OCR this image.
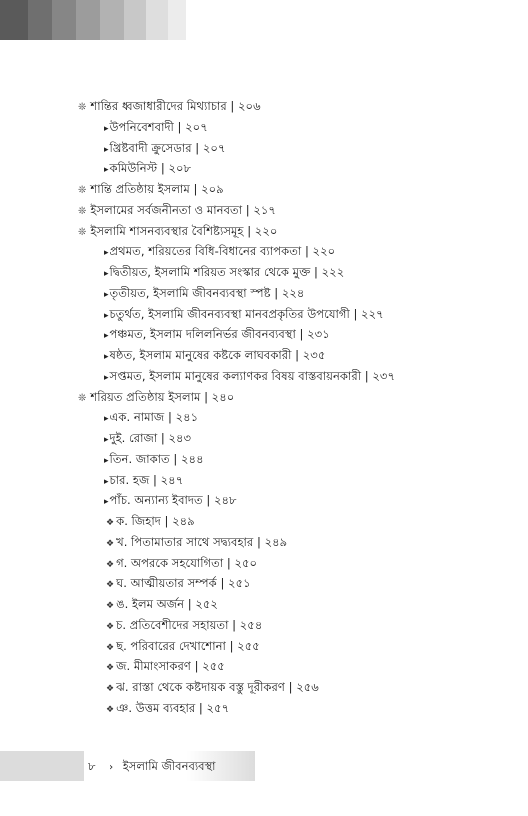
❊ শান্তির ধ্বজাধারীদের মিথ্যাচার | ২০৬
▸উপনিবেশবাদী | ২০৭
▸খ্রিষ্টবাদী ক্রুসেডার | ২০৭
▸কমিউনিস্ট | ২০৮
❊ শান্তি প্রতিষ্ঠায় ইসলাম | ২০৯
❊ ইসলামের সর্বজনীনতা ও মানবতা | ২১৭
❊ ইসলামি শাসনব্যবস্থার বৈশিষ্ট্যসমূহ | ২২০
▸প্রথমত, শরিয়তের বিধি-বিধানের ব্যাপকতা | ২২০
▸দ্বিতীয়ত, ইসলামি শরিয়ত সংস্কার থেকে মুক্ত | ২২২
▸তৃতীয়ত, ইসলামি জীবনব্যবস্থা স্পষ্ট | ২২৪
▸চতুর্থত, ইসলামি জীবনব্যবস্থা মানবপ্রকৃতির উপযোগী | ২২৭
▸পঞ্চমত, ইসলাম দলিলনির্ভর জীবনব্যবস্থা | ২৩১
▸ষষ্ঠত, ইসলাম মানুষের কষ্টকে লাঘবকারী | ২৩৫
▸সপ্তমত, ইসলাম মানুষের কল্যাণকর বিষয় বাস্তবায়নকারী | ২৩৭
❊ শরিয়ত প্রতিষ্ঠায় ইসলাম | ২৪০
▸এক. নামাজ | ২৪১
▸দুই. রোজা | ২৪৩
▸তিন. জাকাত | ২৪৪
▸চার. হজ | ২৪৭
▸পাঁচ. অন্যান্য ইবাদত | ২৪৮
❖ ক. জিহাদ | ২৪৯
❖ খ. পিতামাতার সাথে সদ্ব্যবহার | ২৪৯
❖ গ. অপরকে সহযোগিতা | ২৫০
❖ ঘ. আত্মীয়তার সম্পর্ক | ২৫১
❖ ঙ. ইলম অর্জন | ২৫২
❖ চ. প্রতিবেশীদের সহায়তা | ২৫৪
❖ ছ. পরিবারের দেখাশোনা | ২৫৫
❖ জ. মীমাংসাকরণ | ২৫৫
❖ ঝ. রাস্তা থেকে কষ্টদায়ক বস্তু দূরীকরণ | ২৫৬
❖ ঞ. উত্তম ব্যবহার | ২৫৭
৮ › ইসলামি জীবনব্যবস্থা
